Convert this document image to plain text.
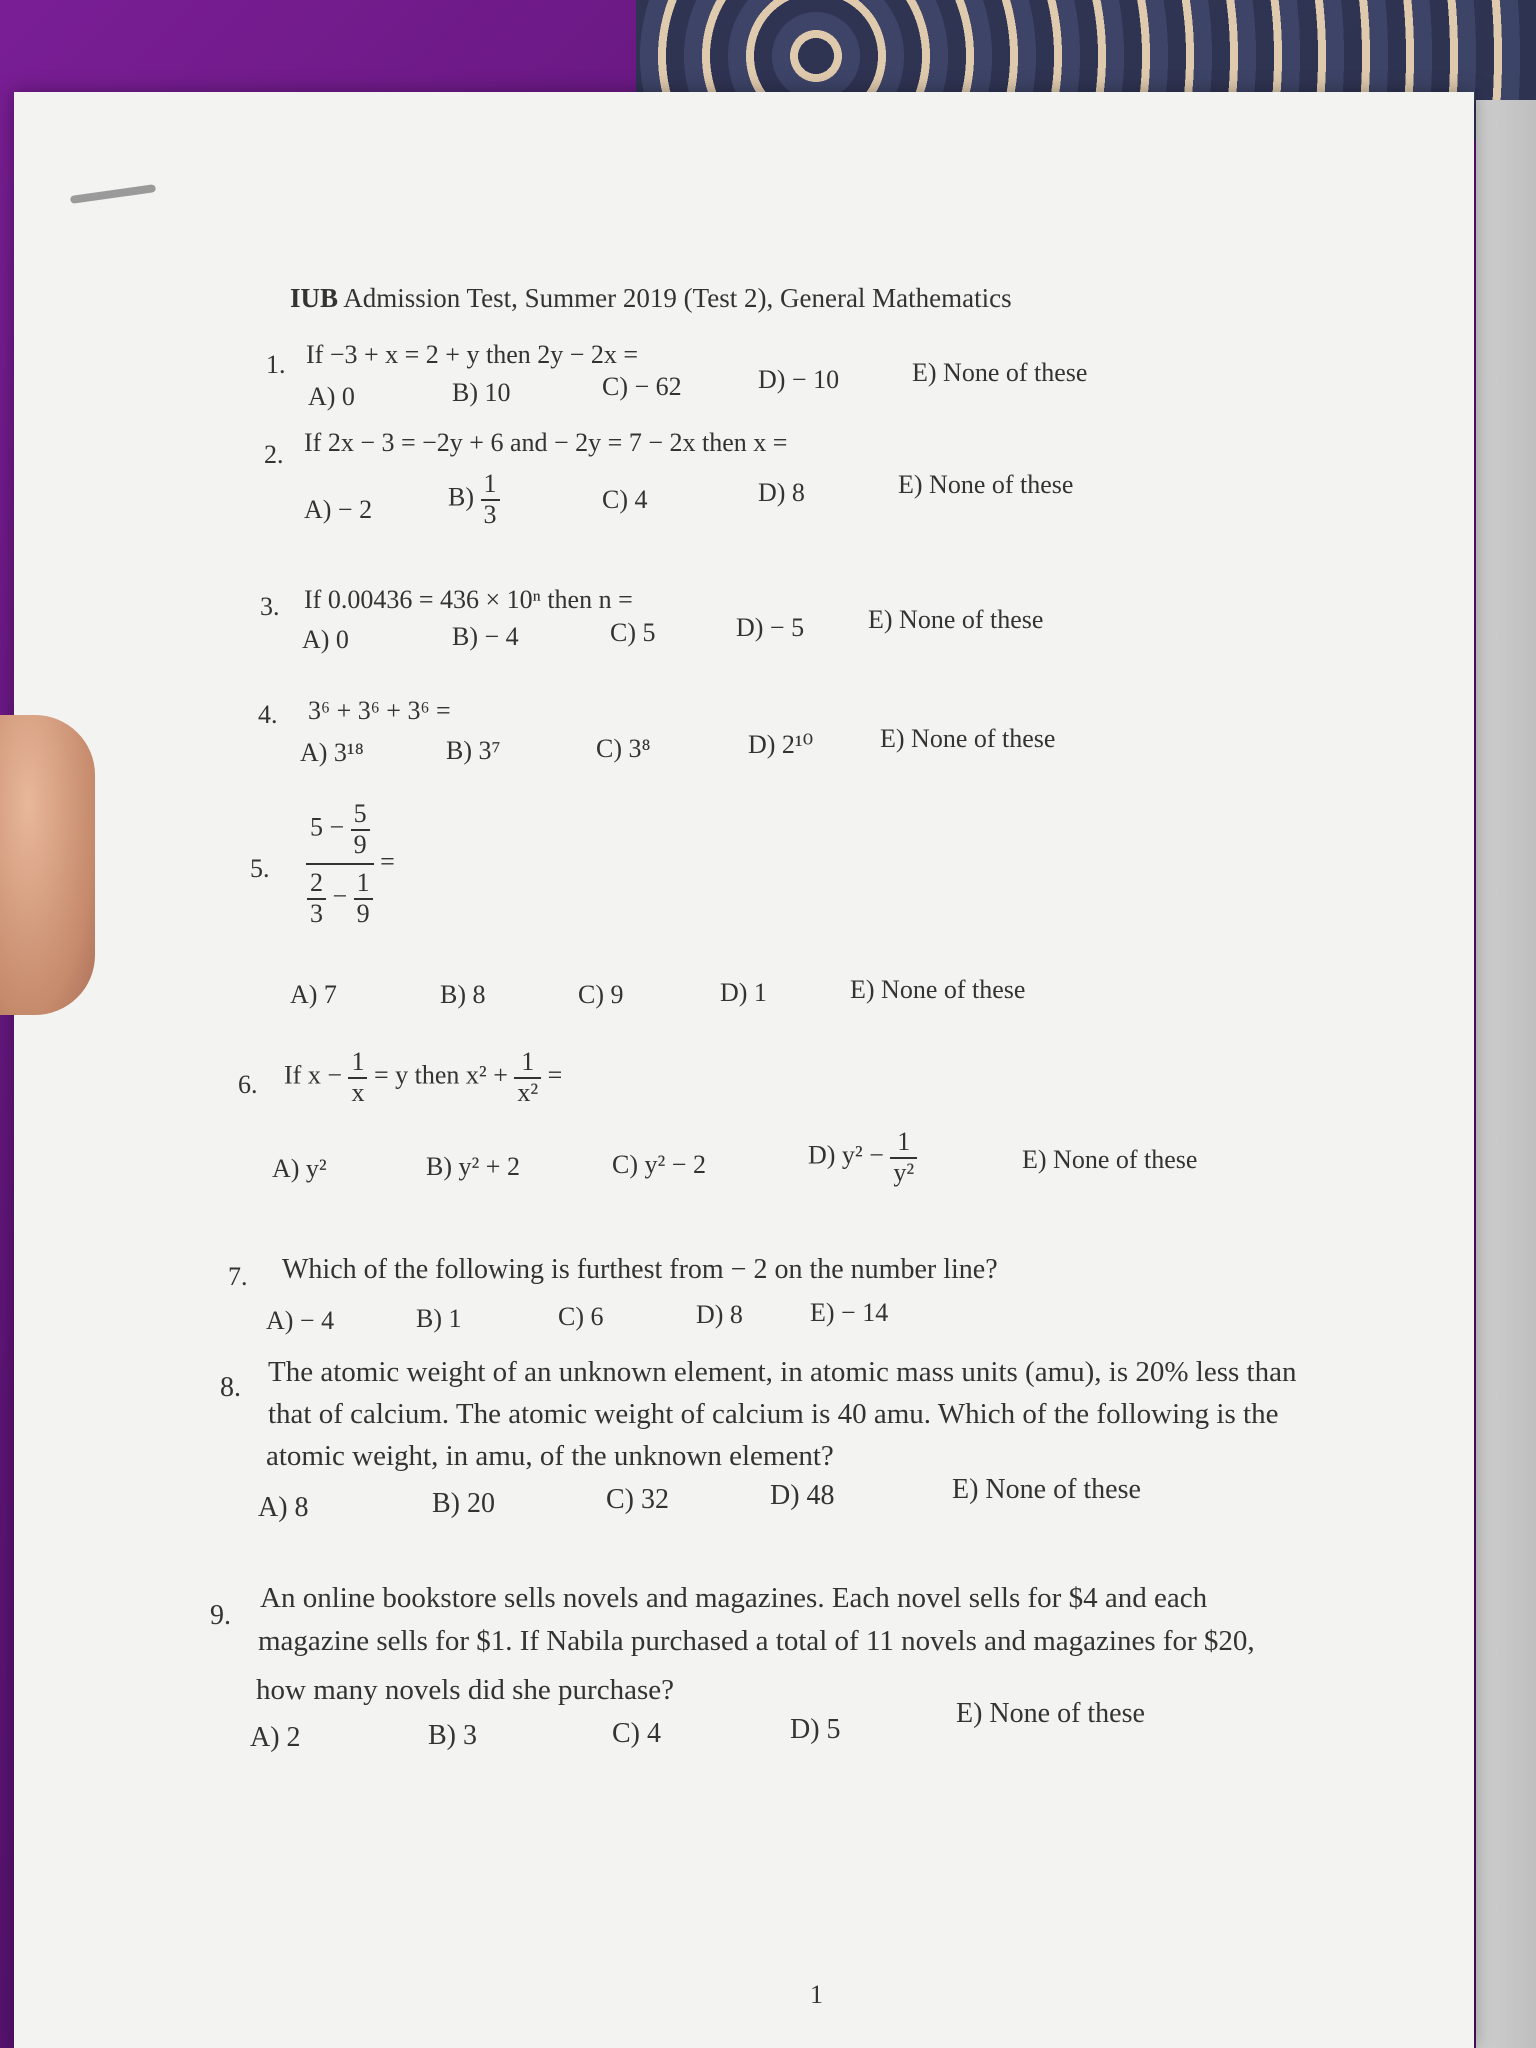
IUB Admission Test, Summer 2019 (Test 2), General Mathematics
1. If −3 + x = 2 + y then 2y − 2x =
A) 0	B) 10	C) − 62	D) − 10	E) None of these
2. If 2x − 3 = −2y + 6 and − 2y = 7 − 2x then x =
A) − 2	$B) \frac{1}{3}$	C) 4	D) 8	E) None of these
3. If 0.00436 = 436 × 10ⁿ then n =
A) 0	B) − 4	C) 5	D) − 5 E) None of these
4. 3⁶ + 3⁶ + 3⁶ =
A) 3¹⁸	B) 3⁷	C) 3⁸	D) 2¹⁰	E) None of these
5. $\frac{5 - \frac{5}{9}}{\frac{2}{3} - \frac{1}{9}}$ =
A) 7	B) 8	C) 9	D) 1	E) None of these
6. If $x - \frac{1}{x} = y$ then $x^2 + \frac{1}{\text{x²}}$ =
A) y²	B) y² + 2	C) y² − 2	D) $y^2 - \frac{1}{\text{y²}}$	E) None of these
7. Which of the following is furthest from − 2 on the number line?
A) − 4	B) 1	C) 6	D) 8	E) − 14
8. The atomic weight of an unknown element, in atomic mass units (amu), is 20% less than
that of calcium. The atomic weight of calcium is 40 amu. Which of the following is the
atomic weight, in amu, of the unknown element?
A) 8	B) 20	C) 32	D) 48	E) None of these
9.
An online bookstore sells novels and magazines. Each novel sells for $4 and each
magazine sells for $1. If Nabila purchased a total of 11 novels and magazines for $20,
how many novels did she purchase?
A) 2	B) 3	C) 4	D) 5
E) None of these
1
